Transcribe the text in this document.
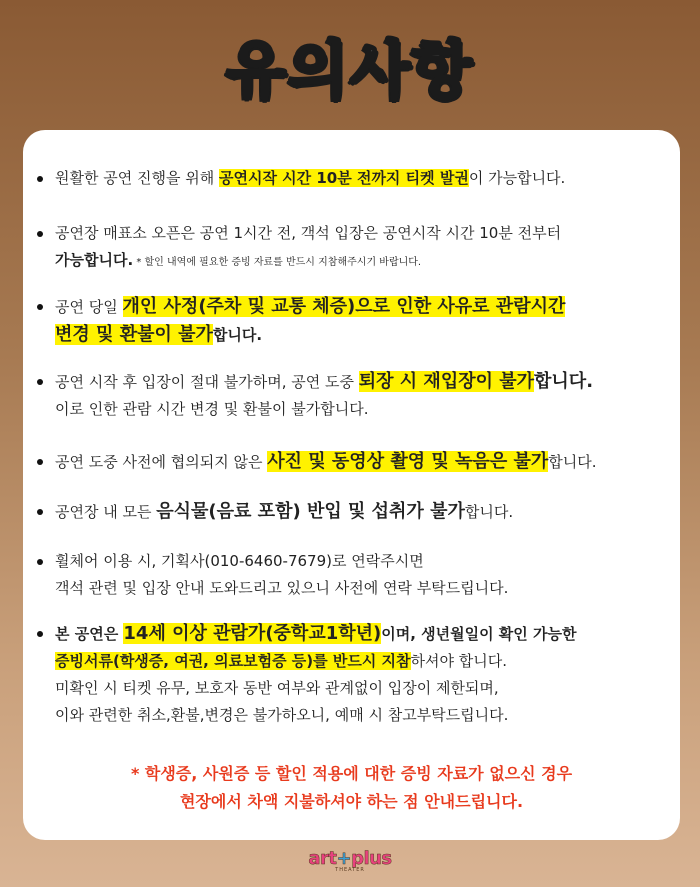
유의사항
원활한 공연 진행을 위해 공연시작 시간 10분 전까지 티켓 발권이 가능합니다.
공연장 매표소 오픈은 공연 1시간 전, 객석 입장은 공연시작 시간 10분 전부터
가능합니다. * 할인 내역에 필요한 증빙 자료를 반드시 지참해주시기 바랍니다.
공연 당일 개인 사정(주차 및 교통 체증)으로 인한 사유로 관람시간
변경 및 환불이 불가합니다.
공연 시작 후 입장이 절대 불가하며, 공연 도중 퇴장 시 재입장이 불가합니다.
이로 인한 관람 시간 변경 및 환불이 불가합니다.
공연 도중 사전에 협의되지 않은 사진 및 동영상 촬영 및 녹음은 불가합니다.
공연장 내 모든 음식물(음료 포함) 반입 및 섭취가 불가합니다.
휠체어 이용 시, 기획사(010-6460-7679)로 연락주시면
객석 관련 및 입장 안내 도와드리고 있으니 사전에 연락 부탁드립니다.
본 공연은 14세 이상 관람가(중학교1학년)이며, 생년월일이 확인 가능한
증빙서류(학생증, 여권, 의료보험증 등)를 반드시 지참하셔야 합니다.
미확인 시 티켓 유무, 보호자 동반 여부와 관계없이 입장이 제한되며,
이와 관련한 취소,환불,변경은 불가하오니, 예매 시 참고부탁드립니다.
* 학생증, 사원증 등 할인 적용에 대한 증빙 자료가 없으신 경우
현장에서 차액 지불하셔야 하는 점 안내드립니다.
art+plus
THEATER
